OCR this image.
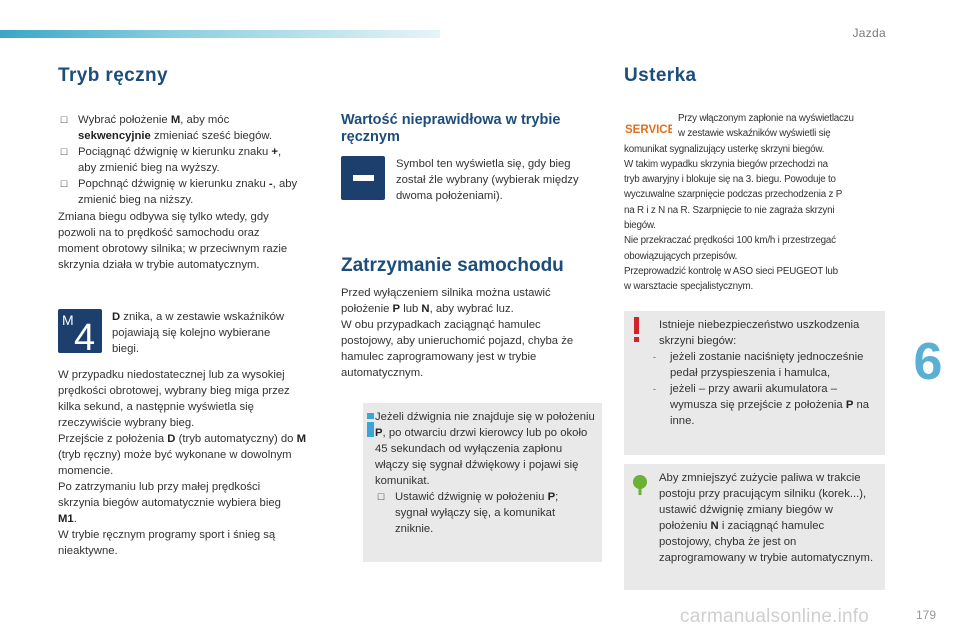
Jazda
Tryb ręczny
☐ Wybrać położenie M, aby móc sekwencyjnie zmieniać sześć biegów.
☐ Pociągnąć dźwignię w kierunku znaku +, aby zmienić bieg na wyższy.
☐ Popchnąć dźwignię w kierunku znaku -, aby zmienić bieg na niższy.

Zmiana biegu odbywa się tylko wtedy, gdy pozwoli na to prędkość samochodu oraz moment obrotowy silnika; w przeciwnym razie skrzynia działa w trybie automatycznym.

M 4 D znika, a w zestawie wskaźników pojawiają się kolejno wybierane biegi.

W przypadku niedostatecznej lub za wysokiej prędkości obrotowej, wybrany bieg miga przez kilka sekund, a następnie wyświetla się rzeczywiście wybrany bieg.

Przejście z położenia D (tryb automatyczny) do M (tryb ręczny) może być wykonane w dowolnym momencie.

Po zatrzymaniu lub przy małej prędkości skrzynia biegów automatycznie wybiera bieg M1.

W trybie ręcznym programy sport i śnieg są nieaktywne.

Wartość nieprawidłowa w trybie ręcznym

Symbol ten wyświetla się, gdy bieg został źle wybrany (wybierak między dwoma położeniami).

Zatrzymanie samochodu

Przed wyłączeniem silnika można ustawić położenie P lub N, aby wybrać luz.

W obu przypadkach zaciągnąć hamulec postojowy, aby unieruchomić pojazd, chyba że hamulec zaprogramowany jest w trybie automatycznym.

Jeżeli dźwignia nie znajduje się w położeniu P, po otwarciu drzwi kierowcy lub po około 45 sekundach od wyłączenia zapłonu włączy się sygnał dźwiękowy i pojawi się komunikat.

☐ Ustawić dźwignię w położeniu P; sygnał wyłączy się, a komunikat zniknie.
Usterka
SERVICE

Przy włączonym zapłonie na wyświetlaczu

w zestawie wskaźników wyświetli się

komunikat sygnalizujący usterkę skrzyni biegów.

W takim wypadku skrzynia biegów przechodzi na

tryb awaryjny i blokuje się na 3. biegu. Powoduje to

wyczuwalne szarpnięcie podczas przechodzenia z P

na R i z N na R. Szarpnięcie to nie zagraża skrzyni

biegów.

Nie przekraczać prędkości 100 km/h i przestrzegać

obowiązujących przepisów.

Przeprowadzić kontrolę w ASO sieci PEUGEOT lub

w warsztacie specjalistycznym.

Istnieje niebezpieczeństwo uszkodzenia skrzyni biegów:

- jeżeli zostanie naciśnięty jednocześnie pedał przyspieszenia i hamulca,
- jeżeli – przy awarii akumulatora – wymusza się przejście z położenia P na inne.

Aby zmniejszyć zużycie paliwa w trakcie postoju przy pracującym silniku (korek...), ustawić dźwignię zmiany biegów w położeniu N i zaciągnąć hamulec postojowy, chyba że jest on zaprogramowany w trybie automatycznym.

6
carmanualsonline.info	179
